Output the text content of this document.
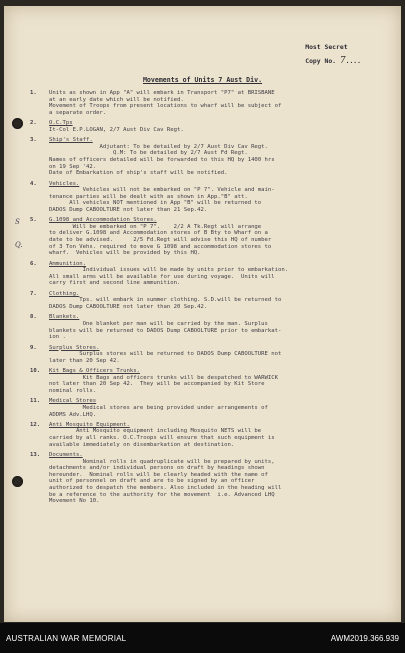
Most Secret
Copy No. 7....
Movements of Units 7 Aust Div.
Q.
S
1. Units as shown in App "A" will embark in Transport "P7" at BRISBANE
at an early date which will be notified.
Movement of Troops from present locations to wharf will be subject of
a separate order.
2. O.C.Tps
It-Col E.P.LOGAN, 2/7 Aust Div Cav Regt.
3. Ship's Staff.
Adjutant: To be detailed by 2/7 Aust Div Cav Regt.
Q.M: To be detailed by 2/7 Aust Fd Regt.
Names of officers detailed will be forwarded to this HQ by 1400 hrs
on 19 Sep '42.
Date of Embarkation of ship's staff will be notified.
4. Vehicles.
Vehicles will not be embarked on "P 7". Vehicle and main-
tenance parties will be dealt with as shown in App."B" att.
All vehicles NOT mentioned in App "B" will be returned to
DADOS Dump CABOOLTURE not later than 21 Sep.42.
5. G.1098 and Accommodation Stores.
Will be embarked on "P 7".    2/2 A Tk.Regt will arrange
to deliver G.1098 and Accommodation stores of B Bty to Wharf on a
date to be advised.      2/5 Fd.Regt will advise this HQ of number
of 3 Ton Vehs. required to move G 1098 and accommodation stores to
wharf.  Vehicles will be provided by this HQ.
6. Ammunition.
Individual issues will be made by units prior to embarkation.
All small arms will be available for use during voyage.  Units will
carry first and second line ammunition.
7. Clothing.
Tps. will embark in summer clothing. S.D.will be returned to
DADOS Dump CABOOLTURE not later than 20 Sep.42.
8. Blankets.
One blanket per man will be carried by the man. Surplus
blankets will be returned to DADOS Dump CABOOLTURE prior to embarkat-
ion .
9. Surplus Stores.
Surplus stores will be returned to DADOS Dump CABOOLTURE not
later than 20 Sep 42.
10. Kit Bags & Officers Trunks.
Kit Bags and officers trunks will be despatched to WARWICK
not later than 20 Sep 42.  They will be accompanied by Kit Store
nominal rolls.
11. Medical Stores
Medical stores are being provided under arrangements of
ADDMS Adv.LHQ.
12. Anti Mosquito Equipment.
Anti Mosquito equipment including Mosquito NETS will be
carried by all ranks. O.C.Troops will ensure that such equipment is
available immediately on disembarkation at destination.
13. Documents.
Nominal rolls in quadruplicate will be prepared by units,
detachments and/or individual persons on draft by headings shown
hereunder.  Nominal rolls will be clearly headed with the name of
unit of personnel on draft and are to be signed by an officer
authorized to despatch the members. Also included in the heading will
be a reference to the authority for the movement  i.e. Advanced LHQ
Movement No 10.
AUSTRALIAN WAR MEMORIAL	AWM2019.366.939
